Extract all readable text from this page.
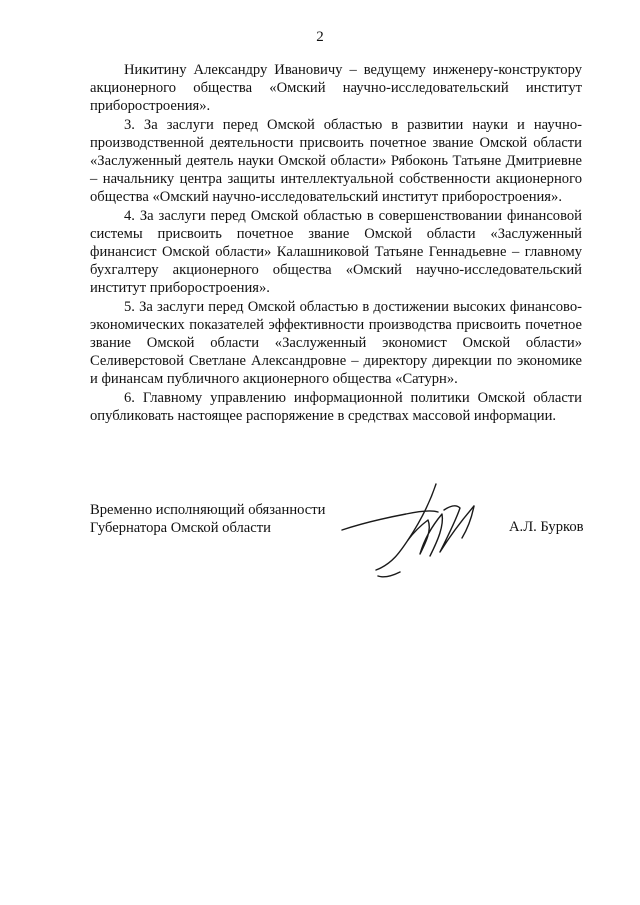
2

Никитину Александру Ивановичу – ведущему инженеру-конструктору акционерного общества «Омский научно-исследовательский институт приборостроения».

3. За заслуги перед Омской областью в развитии науки и научно-производственной деятельности присвоить почетное звание Омской области «Заслуженный деятель науки Омской области» Рябоконь Татьяне Дмитриевне – начальнику центра защиты интеллектуальной собственности акционерного общества «Омский научно-исследовательский институт приборостроения».

4. За заслуги перед Омской областью в совершенствовании финансовой системы присвоить почетное звание Омской области «Заслуженный финансист Омской области» Калашниковой Татьяне Геннадьевне – главному бухгалтеру акционерного общества «Омский научно-исследовательский институт приборостроения».

5. За заслуги перед Омской областью в достижении высоких финансово-экономических показателей эффективности производства присвоить почетное звание Омской области «Заслуженный экономист Омской области» Селиверстовой Светлане Александровне – директору дирекции по экономике и финансам публичного акционерного общества «Сатурн».

6. Главному управлению информационной политики Омской области опубликовать настоящее распоряжение в средствах массовой информации.

Временно исполняющий обязанности
Губернатора Омской области	А.Л. Бурков
